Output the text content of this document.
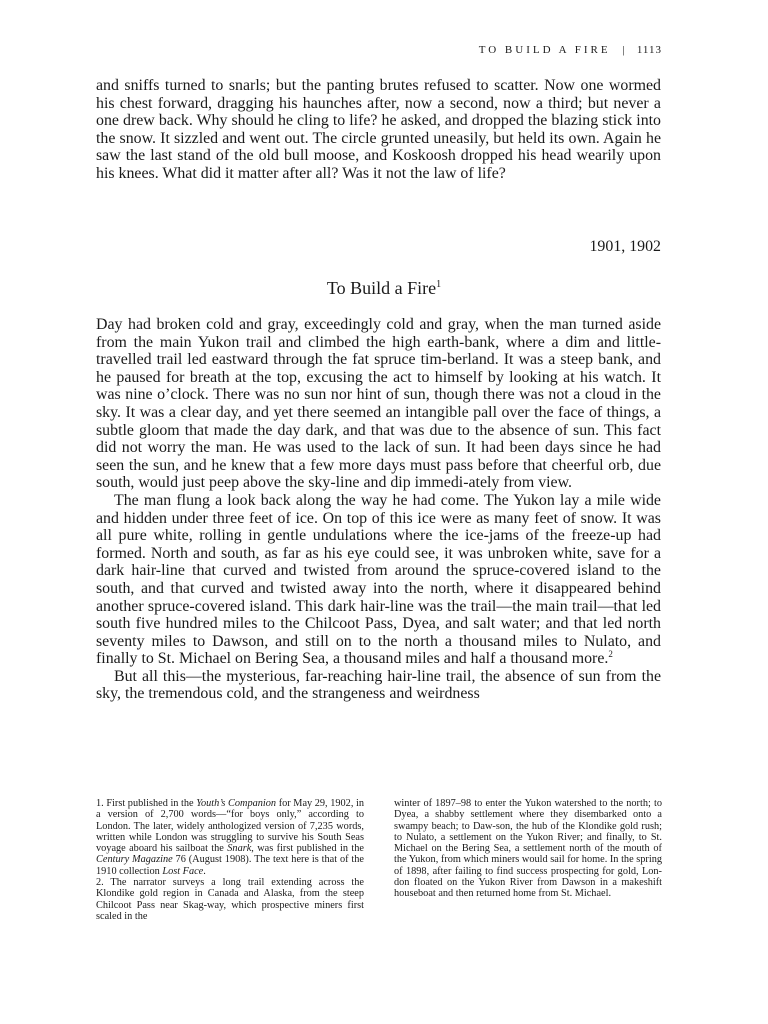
TO BUILD A FIRE | 1113

and sniffs turned to snarls; but the panting brutes refused to scatter. Now one wormed his chest forward, dragging his haunches after, now a second, now a third; but never a one drew back. Why should he cling to life? he asked, and dropped the blazing stick into the snow. It sizzled and went out. The circle grunted uneasily, but held its own. Again he saw the last stand of the old bull moose, and Koskoosh dropped his head wearily upon his knees. What did it matter after all? Was it not the law of life?

1901, 1902
To Build a Fire$^1$

Day had broken cold and gray, exceedingly cold and gray, when the man turned aside from the main Yukon trail and climbed the high earth-bank, where a dim and little-travelled trail led eastward through the fat spruce tim-berland. It was a steep bank, and he paused for breath at the top, excusing the act to himself by looking at his watch. It was nine o’clock. There was no sun nor hint of sun, though there was not a cloud in the sky. It was a clear day, and yet there seemed an intangible pall over the face of things, a subtle gloom that made the day dark, and that was due to the absence of sun. This fact did not worry the man. He was used to the lack of sun. It had been days since he had seen the sun, and he knew that a few more days must pass before that cheerful orb, due south, would just peep above the sky-line and dip immedi-ately from view.

The man flung a look back along the way he had come. The Yukon lay a mile wide and hidden under three feet of ice. On top of this ice were as many feet of snow. It was all pure white, rolling in gentle undulations where the ice-jams of the freeze-up had formed. North and south, as far as his eye could see, it was unbroken white, save for a dark hair-line that curved and twisted from around the spruce-covered island to the south, and that curved and twisted away into the north, where it disappeared behind another spruce-covered island. This dark hair-line was the trail—the main trail—that led south five hundred miles to the Chilcoot Pass, Dyea, and salt water; and that led north seventy miles to Dawson, and still on to the north a thousand miles to Nulato, and finally to St. Michael on Bering Sea, a thousand miles and half a thousand more.$^2$

But all this—the mysterious, far-reaching hair-line trail, the absence of sun from the sky, the tremendous cold, and the strangeness and weirdness

1. First published in the Youth’s Companion for May 29, 1902, in a version of 2,700 words—“for boys only,” according to London. The later, widely anthologized version of 7,235 words, written while London was struggling to survive his South Seas voyage aboard his sailboat the Snark, was first published in the Century Magazine 76 (August 1908). The text here is that of the 1910 collection Lost Face.

2. The narrator surveys a long trail extending across the Klondike gold region in Canada and Alaska, from the steep Chilcoot Pass near Skag-way, which prospective miners first scaled in the

winter of 1897–98 to enter the Yukon watershed to the north; to Dyea, a shabby settlement where they disembarked onto a swampy beach; to Daw-son, the hub of the Klondike gold rush; to Nulato, a settlement on the Yukon River; and finally, to St. Michael on the Bering Sea, a settlement north of the mouth of the Yukon, from which miners would sail for home. In the spring of 1898, after failing to find success prospecting for gold, Lon-don floated on the Yukon River from Dawson in a makeshift houseboat and then returned home from St. Michael.
